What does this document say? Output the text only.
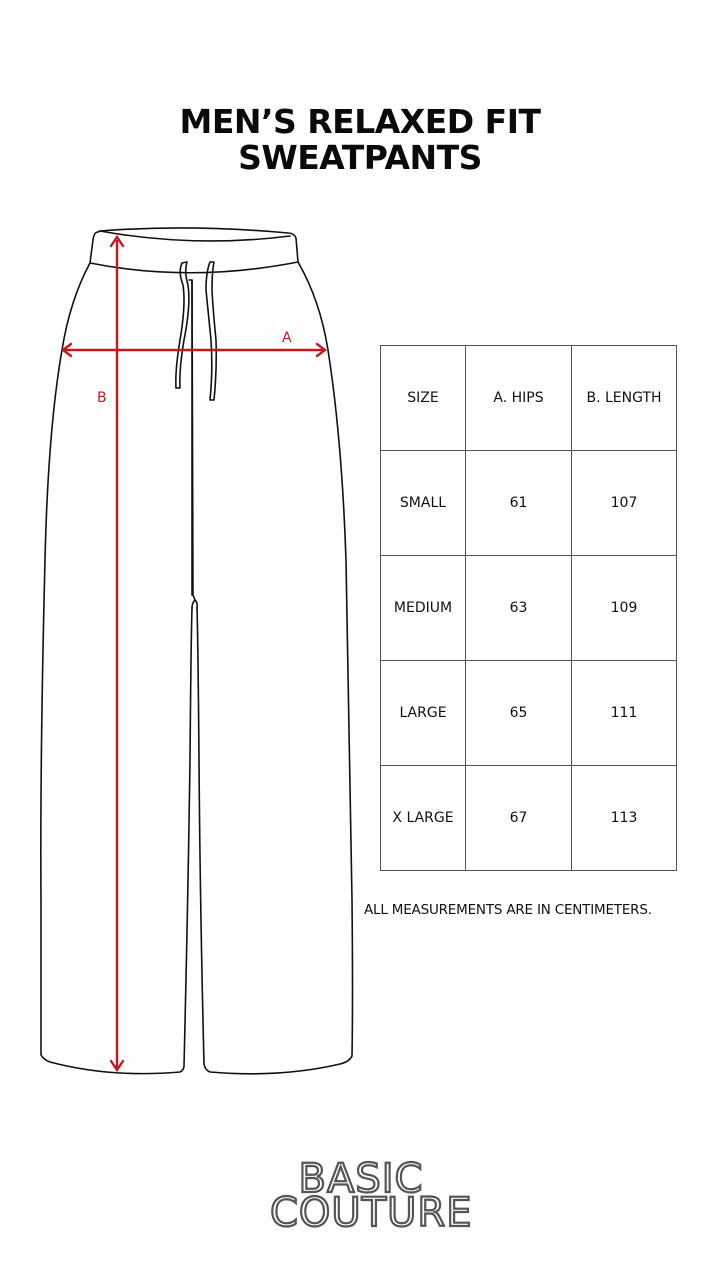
MEN’S RELAXED FIT
SWEATPANTS
A
B	SIZE	A. HIPS	B. LENGTH
SMALL	61	107
MEDIUM	63	109
LARGE	65	111
X LARGE	67	113
ALL MEASUREMENTS ARE IN CENTIMETERS.
BASIC
COUTURE
